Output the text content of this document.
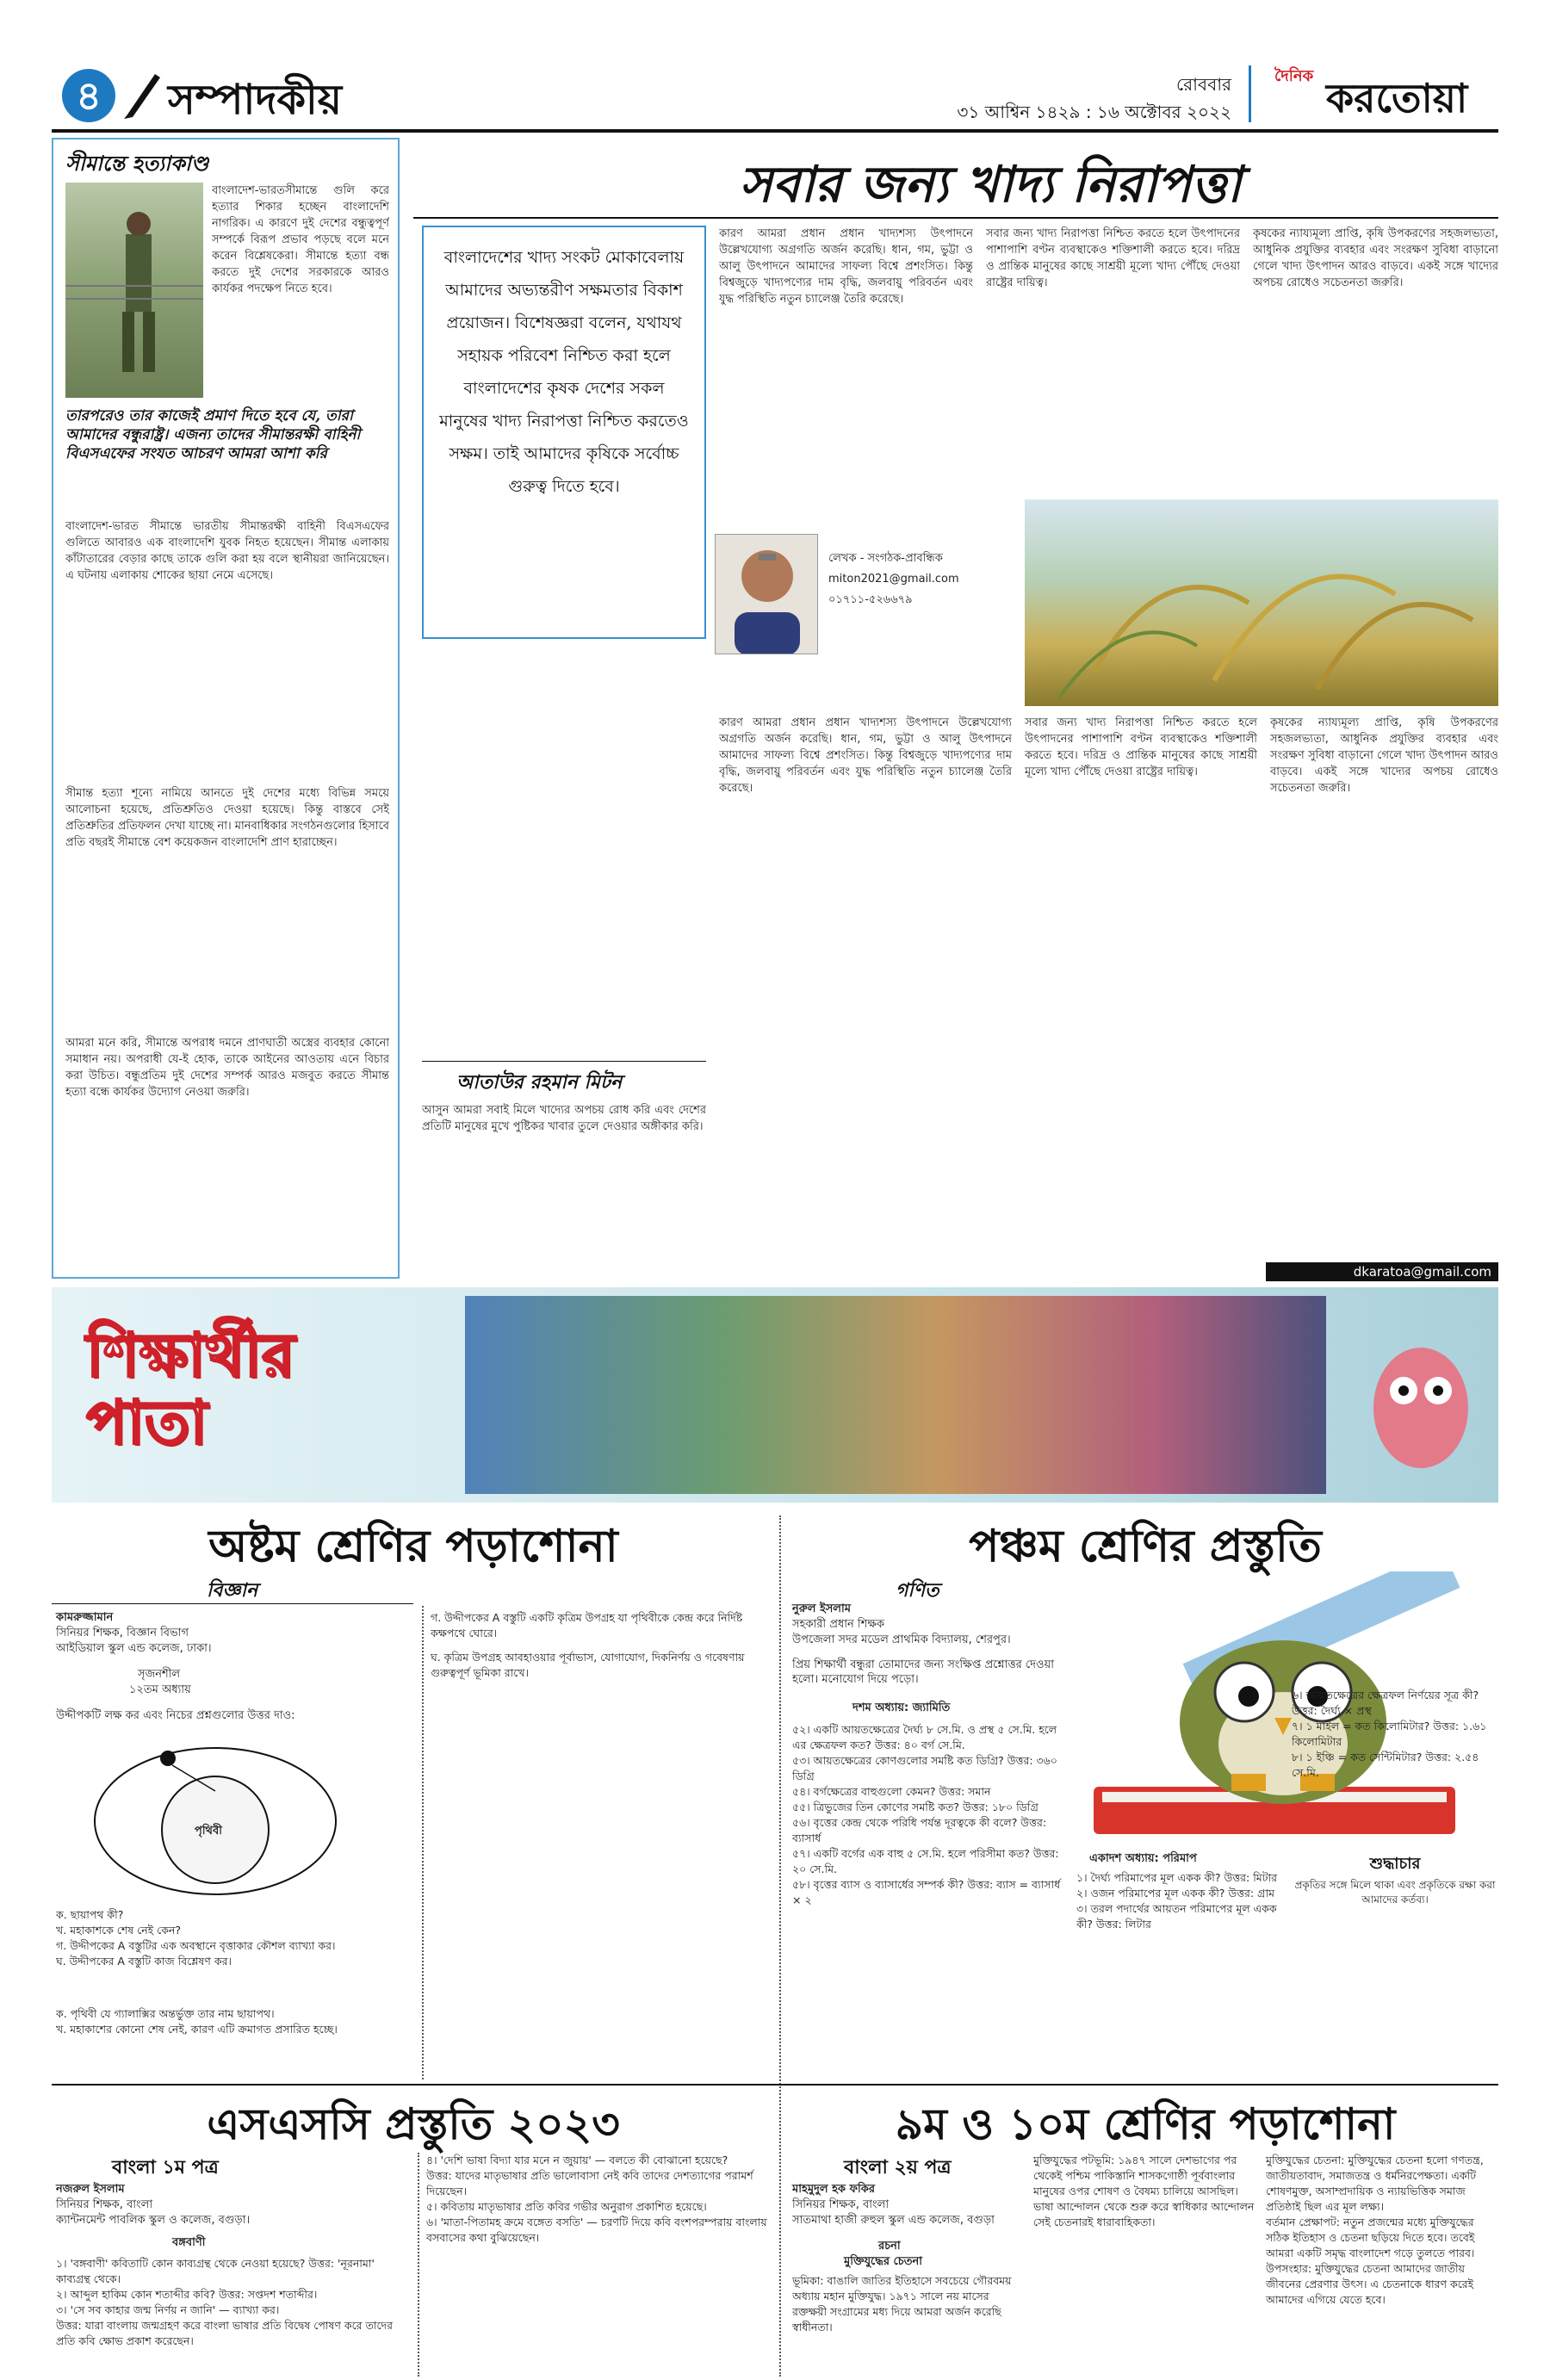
৪	সম্পাদকীয়	রোববার
৩১ আশ্বিন ১৪২৯ : ১৬ অক্টোবর ২০২২
দৈনিক করতোয়া
সীমান্তে হত্যাকাণ্ড
বাংলাদেশ-ভারতসীমান্তে গুলি করে হত্যার শিকার হচ্ছেন বাংলাদেশি নাগরিক। এ কারণে দুই দেশের বন্ধুত্বপূর্ণ সম্পর্কে বিরূপ প্রভাব পড়ছে বলে মনে করেন বিশ্লেষকেরা। সীমান্তে হত্যা বন্ধ করতে দুই দেশের সরকারকে আরও কার্যকর পদক্ষেপ নিতে হবে।
তারপরেও তার কাজেই প্রমাণ দিতে হবে যে, তারা আমাদের বন্ধুরাষ্ট্র। এজন্য তাদের সীমান্তরক্ষী বাহিনী বিএসএফের সংযত আচরণ আমরা আশা করি
বাংলাদেশ-ভারত সীমান্তে ভারতীয় সীমান্তরক্ষী বাহিনী বিএসএফের গুলিতে আবারও এক বাংলাদেশি যুবক নিহত হয়েছেন। সীমান্ত এলাকায় কাঁটাতারের বেড়ার কাছে তাকে গুলি করা হয় বলে স্থানীয়রা জানিয়েছেন। এ ঘটনায় এলাকায় শোকের ছায়া নেমে এসেছে।
সীমান্ত হত্যা শূন্যে নামিয়ে আনতে দুই দেশের মধ্যে বিভিন্ন সময়ে আলোচনা হয়েছে, প্রতিশ্রুতিও দেওয়া হয়েছে। কিন্তু বাস্তবে সেই প্রতিশ্রুতির প্রতিফলন দেখা যাচ্ছে না। মানবাধিকার সংগঠনগুলোর হিসাবে প্রতি বছরই সীমান্তে বেশ কয়েকজন বাংলাদেশি প্রাণ হারাচ্ছেন।
আমরা মনে করি, সীমান্তে অপরাধ দমনে প্রাণঘাতী অস্ত্রের ব্যবহার কোনো সমাধান নয়। অপরাধী যে-ই হোক, তাকে আইনের আওতায় এনে বিচার করা উচিত। বন্ধুপ্রতিম দুই দেশের সম্পর্ক আরও মজবুত করতে সীমান্ত হত্যা বন্ধে কার্যকর উদ্যোগ নেওয়া জরুরি।
সবার জন্য খাদ্য নিরাপত্তা
বাংলাদেশের খাদ্য সংকট মোকাবেলায় আমাদের অভ্যন্তরীণ সক্ষমতার বিকাশ প্রয়োজন। বিশেষজ্ঞরা বলেন, যথাযথ সহায়ক পরিবেশ নিশ্চিত করা হলে বাংলাদেশের কৃষক দেশের সকল মানুষের খাদ্য নিরাপত্তা নিশ্চিত করতেও সক্ষম। তাই আমাদের কৃষিকে সর্বোচ্চ গুরুত্ব দিতে হবে।
কারণ আমরা প্রধান প্রধান খাদ্যশস্য উৎপাদনে উল্লেখযোগ্য অগ্রগতি অর্জন করেছি। ধান, গম, ভুট্টা ও আলু উৎপাদনে আমাদের সাফল্য বিশ্বে প্রশংসিত। কিন্তু বিশ্বজুড়ে খাদ্যপণ্যের দাম বৃদ্ধি, জলবায়ু পরিবর্তন এবং যুদ্ধ পরিস্থিতি নতুন চ্যালেঞ্জ তৈরি করেছে।
সবার জন্য খাদ্য নিরাপত্তা নিশ্চিত করতে হলে উৎপাদনের পাশাপাশি বণ্টন ব্যবস্থাকেও শক্তিশালী করতে হবে। দরিদ্র ও প্রান্তিক মানুষের কাছে সাশ্রয়ী মূল্যে খাদ্য পৌঁছে দেওয়া রাষ্ট্রের দায়িত্ব।
কৃষকের ন্যায্যমূল্য প্রাপ্তি, কৃষি উপকরণের সহজলভ্যতা, আধুনিক প্রযুক্তির ব্যবহার এবং সংরক্ষণ সুবিধা বাড়ানো গেলে খাদ্য উৎপাদন আরও বাড়বে। একই সঙ্গে খাদ্যের অপচয় রোধেও সচেতনতা জরুরি।
লেখক - সংগঠক-প্রাবন্ধিক
miton2021@gmail.com
০১৭১১-৫২৬৬৭৯
আতাউর রহমান মিটন
আসুন আমরা সবাই মিলে খাদ্যের অপচয় রোধ করি এবং দেশের প্রতিটি মানুষের মুখে পুষ্টিকর খাবার তুলে দেওয়ার অঙ্গীকার করি।
কারণ আমরা প্রধান প্রধান খাদ্যশস্য উৎপাদনে উল্লেখযোগ্য অগ্রগতি অর্জন করেছি। ধান, গম, ভুট্টা ও আলু উৎপাদনে আমাদের সাফল্য বিশ্বে প্রশংসিত। কিন্তু বিশ্বজুড়ে খাদ্যপণ্যের দাম বৃদ্ধি, জলবায়ু পরিবর্তন এবং যুদ্ধ পরিস্থিতি নতুন চ্যালেঞ্জ তৈরি করেছে।
সবার জন্য খাদ্য নিরাপত্তা নিশ্চিত করতে হলে উৎপাদনের পাশাপাশি বণ্টন ব্যবস্থাকেও শক্তিশালী করতে হবে। দরিদ্র ও প্রান্তিক মানুষের কাছে সাশ্রয়ী মূল্যে খাদ্য পৌঁছে দেওয়া রাষ্ট্রের দায়িত্ব।
কৃষকের ন্যায্যমূল্য প্রাপ্তি, কৃষি উপকরণের সহজলভ্যতা, আধুনিক প্রযুক্তির ব্যবহার এবং সংরক্ষণ সুবিধা বাড়ানো গেলে খাদ্য উৎপাদন আরও বাড়বে। একই সঙ্গে খাদ্যের অপচয় রোধেও সচেতনতা জরুরি।
dkaratoa@gmail.com
শিক্ষার্থীর পাতা
অষ্টম শ্রেণির পড়াশোনা
বিজ্ঞান
কামরুজ্জামান
সিনিয়র শিক্ষক, বিজ্ঞান বিভাগ
আইডিয়াল স্কুল এন্ড কলেজ, ঢাকা।
সৃজনশীল
১২তম অধ্যায়
উদ্দীপকটি লক্ষ কর এবং নিচের প্রশ্নগুলোর উত্তর দাও:
পৃথিবী
ক. ছায়াপথ কী?
খ. মহাকাশকে শেষ নেই কেন?
গ. উদ্দীপকের A বস্তুটির এক অবস্থানে বৃত্তাকার কৌশল ব্যাখ্যা কর।
ঘ. উদ্দীপকের A বস্তুটি কাজ বিশ্লেষণ কর।
ক. পৃথিবী যে গ্যালাক্সির অন্তর্ভুক্ত তার নাম ছায়াপথ।
খ. মহাকাশের কোনো শেষ নেই, কারণ এটি ক্রমাগত প্রসারিত হচ্ছে।
গ. উদ্দীপকের A বস্তুটি একটি কৃত্রিম উপগ্রহ যা পৃথিবীকে কেন্দ্র করে নির্দিষ্ট কক্ষপথে ঘোরে।
ঘ. কৃত্রিম উপগ্রহ আবহাওয়ার পূর্বাভাস, যোগাযোগ, দিকনির্ণয় ও গবেষণায় গুরুত্বপূর্ণ ভূমিকা রাখে।
পঞ্চম শ্রেণির প্রস্তুতি
গণিত
নুরুল ইসলাম
সহকারী প্রধান শিক্ষক
উপজেলা সদর মডেল প্রাথমিক বিদ্যালয়, শেরপুর।
প্রিয় শিক্ষার্থী বন্ধুরা তোমাদের জন্য সংক্ষিপ্ত প্রশ্নোত্তর দেওয়া হলো। মনোযোগ দিয়ে পড়ো।
দশম অধ্যায়: জ্যামিতি
৫২। একটি আয়তক্ষেত্রের দৈর্ঘ্য ৮ সে.মি. ও প্রস্থ ৫ সে.মি. হলে এর ক্ষেত্রফল কত? উত্তর: ৪০ বর্গ সে.মি.
৫৩। আয়তক্ষেত্রের কোণগুলোর সমষ্টি কত ডিগ্রি? উত্তর: ৩৬০ ডিগ্রি
৫৪। বর্গক্ষেত্রের বাহুগুলো কেমন? উত্তর: সমান
৫৫। ত্রিভুজের তিন কোণের সমষ্টি কত? উত্তর: ১৮০ ডিগ্রি
৫৬। বৃত্তের কেন্দ্র থেকে পরিধি পর্যন্ত দূরত্বকে কী বলে? উত্তর: ব্যাসার্ধ
৫৭। একটি বর্গের এক বাহু ৫ সে.মি. হলে পরিসীমা কত? উত্তর: ২০ সে.মি.
৫৮। বৃত্তের ব্যাস ও ব্যাসার্ধের সম্পর্ক কী? উত্তর: ব্যাস = ব্যাসার্ধ × ২
একাদশ অধ্যায়: পরিমাপ
১। দৈর্ঘ্য পরিমাপের মূল একক কী? উত্তর: মিটার
২। ওজন পরিমাপের মূল একক কী? উত্তর: গ্রাম
৩। তরল পদার্থের আয়তন পরিমাপের মূল একক কী? উত্তর: লিটার
৬। আয়তক্ষেত্রের ক্ষেত্রফল নির্ণয়ের সূত্র কী? উত্তর: দৈর্ঘ্য × প্রস্থ
৭। ১ মাইল = কত কিলোমিটার? উত্তর: ১.৬১ কিলোমিটার
৮। ১ ইঞ্চি = কত সেন্টিমিটার? উত্তর: ২.৫৪ সে.মি.
শুদ্ধাচার
প্রকৃতির সঙ্গে মিলে থাকা এবং প্রকৃতিকে রক্ষা করা আমাদের কর্তব্য।
এসএসসি প্রস্তুতি ২০২৩
বাংলা ১ম পত্র
নজরুল ইসলাম
সিনিয়র শিক্ষক, বাংলা
ক্যান্টনমেন্ট পাবলিক স্কুল ও কলেজ, বগুড়া।
বঙ্গবাণী
১। 'বঙ্গবাণী' কবিতাটি কোন কাব্যগ্রন্থ থেকে নেওয়া হয়েছে? উত্তর: 'নূরনামা' কাব্যগ্রন্থ থেকে।
২। আব্দুল হাকিম কোন শতাব্দীর কবি? উত্তর: সপ্তদশ শতাব্দীর।
৩। 'সে সব কাহার জন্ম নির্ণয় ন জানি' — ব্যাখ্যা কর।
উত্তর: যারা বাংলায় জন্মগ্রহণ করে বাংলা ভাষার প্রতি বিদ্বেষ পোষণ করে তাদের প্রতি কবি ক্ষোভ প্রকাশ করেছেন।
৪। 'দেশি ভাষা বিদ্যা যার মনে ন জুয়ায়' — বলতে কী বোঝানো হয়েছে?
উত্তর: যাদের মাতৃভাষার প্রতি ভালোবাসা নেই কবি তাদের দেশত্যাগের পরামর্শ দিয়েছেন।
৫। কবিতায় মাতৃভাষার প্রতি কবির গভীর অনুরাগ প্রকাশিত হয়েছে।
৬। 'মাতা-পিতামহ ক্রমে বঙ্গেত বসতি' — চরণটি দিয়ে কবি বংশপরম্পরায় বাংলায় বসবাসের কথা বুঝিয়েছেন।
৯ম ও ১০ম শ্রেণির পড়াশোনা
বাংলা ২য় পত্র
মাহমুদুল হক ফকির
সিনিয়র শিক্ষক, বাংলা
সাতমাথা হাজী রুহুল স্কুল এন্ড কলেজ, বগুড়া
রচনা
মুক্তিযুদ্ধের চেতনা
ভূমিকা: বাঙালি জাতির ইতিহাসে সবচেয়ে গৌরবময় অধ্যায় মহান মুক্তিযুদ্ধ। ১৯৭১ সালে নয় মাসের রক্তক্ষয়ী সংগ্রামের মধ্য দিয়ে আমরা অর্জন করেছি স্বাধীনতা।
মুক্তিযুদ্ধের পটভূমি: ১৯৪৭ সালে দেশভাগের পর থেকেই পশ্চিম পাকিস্তানি শাসকগোষ্ঠী পূর্ববাংলার মানুষের ওপর শোষণ ও বৈষম্য চালিয়ে আসছিল। ভাষা আন্দোলন থেকে শুরু করে স্বাধিকার আন্দোলন সেই চেতনারই ধারাবাহিকতা।
মুক্তিযুদ্ধের চেতনা: মুক্তিযুদ্ধের চেতনা হলো গণতন্ত্র, জাতীয়তাবাদ, সমাজতন্ত্র ও ধর্মনিরপেক্ষতা। একটি শোষণমুক্ত, অসাম্প্রদায়িক ও ন্যায়ভিত্তিক সমাজ প্রতিষ্ঠাই ছিল এর মূল লক্ষ্য।
বর্তমান প্রেক্ষাপট: নতুন প্রজন্মের মধ্যে মুক্তিযুদ্ধের সঠিক ইতিহাস ও চেতনা ছড়িয়ে দিতে হবে। তবেই আমরা একটি সমৃদ্ধ বাংলাদেশ গড়ে তুলতে পারব।
উপসংহার: মুক্তিযুদ্ধের চেতনা আমাদের জাতীয় জীবনের প্রেরণার উৎস। এ চেতনাকে ধারণ করেই আমাদের এগিয়ে যেতে হবে।
